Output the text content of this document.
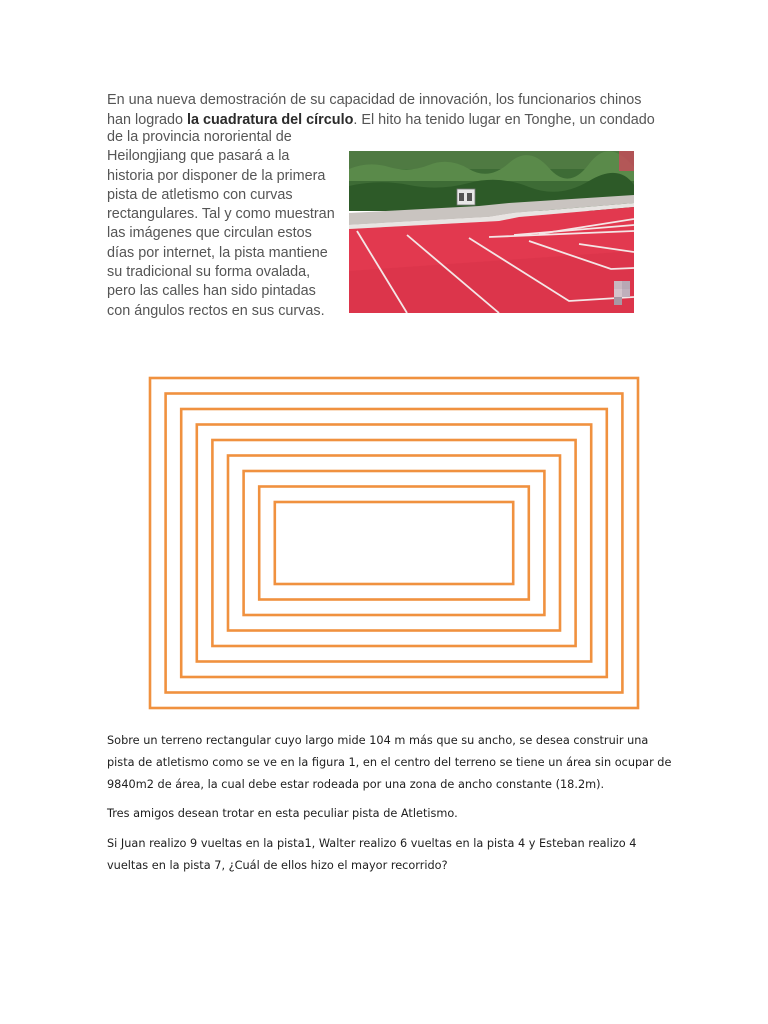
En una nueva demostración de su capacidad de innovación, los funcionarios chinos
han logrado la cuadratura del círculo. El hito ha tenido lugar en Tonghe, un condado
de la provincia nororiental de
Heilongjiang que pasará a la
historia por disponer de la primera
pista de atletismo con curvas
rectangulares. Tal y como muestran
las imágenes que circulan estos
días por internet, la pista mantiene
su tradicional su forma ovalada,
pero las calles han sido pintadas
con ángulos rectos en sus curvas.
Sobre un terreno rectangular cuyo largo mide 104 m más que su ancho, se desea construir una
pista de atletismo como se ve en la figura 1, en el centro del terreno se tiene un área sin ocupar de
9840m2 de área, la cual debe estar rodeada por una zona de ancho constante (18.2m).
Tres amigos desean trotar en esta peculiar pista de Atletismo.
Si Juan realizo 9 vueltas en la pista1, Walter realizo 6 vueltas en la pista 4 y Esteban realizo 4
vueltas en la pista 7, ¿Cuál de ellos hizo el mayor recorrido?
